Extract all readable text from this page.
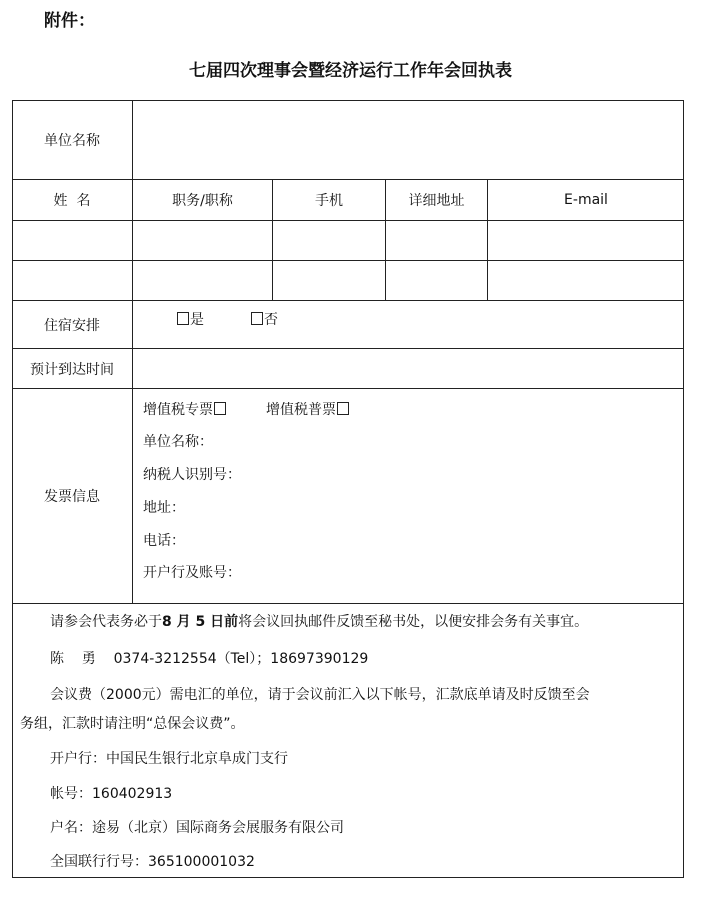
附件：
七届四次理事会暨经济运行工作年会回执表
单位名称
姓  名	职务/职称	手机	详细地址	E-mail
住宿安排	是	否
预计到达时间
发票信息
增值税专票	增值税普票
单位名称：
纳税人识别号：
地址：
电话：
开户行及账号：
请参会代表务必于8 月 5 日前将会议回执邮件反馈至秘书处，以便安排会务有关事宜。
陈    勇    0374-3212554（Tel）；18697390129
会议费（2000元）需电汇的单位，请于会议前汇入以下帐号，汇款底单请及时反馈至会
务组，汇款时请注明“总保会议费”。
开户行：中国民生银行北京阜成门支行
帐号：160402913
户名：途易（北京）国际商务会展服务有限公司
全国联行行号：365100001032
